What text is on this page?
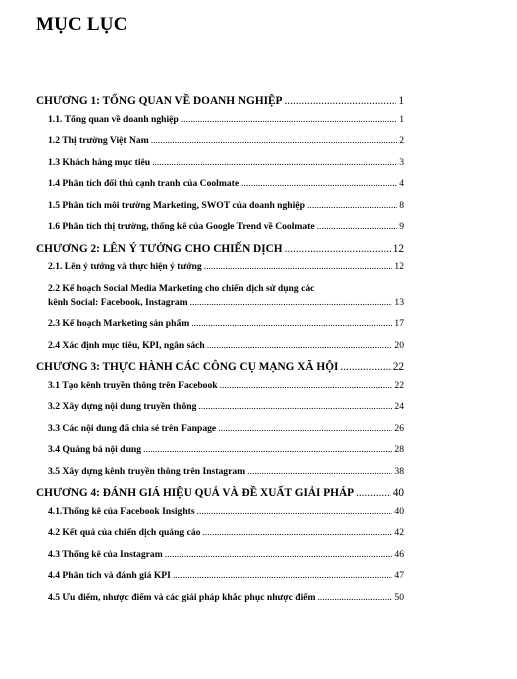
MỤC LỤC
CHƯƠNG 1: TỔNG QUAN VỀ DOANH NGHIỆP .....	1
1.1. Tổng quan về doanh nghiệp .....	1
1.2 Thị trường Việt Nam .....	2
1.3 Khách hàng mục tiêu .....	3
1.4 Phân tích đối thủ cạnh tranh của Coolmate .....	4
1.5 Phân tích môi trường Marketing, SWOT của doanh nghiệp .....	8
1.6 Phân tích thị trường, thống kê của Google Trend về Coolmate .....	9
CHƯƠNG 2: LÊN Ý TƯỞNG CHO CHIẾN DỊCH .....	12
2.1. Lên ý tưởng và thực hiện ý tưởng .....	12
2.2 Kế hoạch Social Media Marketing cho chiến dịch sử dụng các
kênh Social: Facebook, Instagram .....	13
2.3 Kế hoạch Marketing sản phẩm .....	17
2.4 Xác định mục tiêu, KPI, ngân sách .....	20
CHƯƠNG 3: THỰC HÀNH CÁC CÔNG CỤ MẠNG XÃ HỘI .....	22
3.1 Tạo kênh truyền thông trên Facebook .....	22
3.2 Xây dựng nội dung truyền thông .....	24
3.3 Các nội dung đã chia sẻ trên Fanpage .....	26
3.4 Quảng bá nội dung .....	28
3.5 Xây dựng kênh truyền thông trên Instagram .....	38
CHƯƠNG 4: ĐÁNH GIÁ HIỆU QUẢ VÀ ĐỀ XUẤT GIẢI PHÁP .....	40
4.1.Thống kê của Facebook Insights .....	40
4.2 Kết quả của chiến dịch quảng cáo .....	42
4.3 Thống kê của Instagram .....	46
4.4 Phân tích và đánh giá KPI .....	47
4.5 Ưu điểm, nhược điểm và các giải pháp khắc phục nhược điểm .....	50
